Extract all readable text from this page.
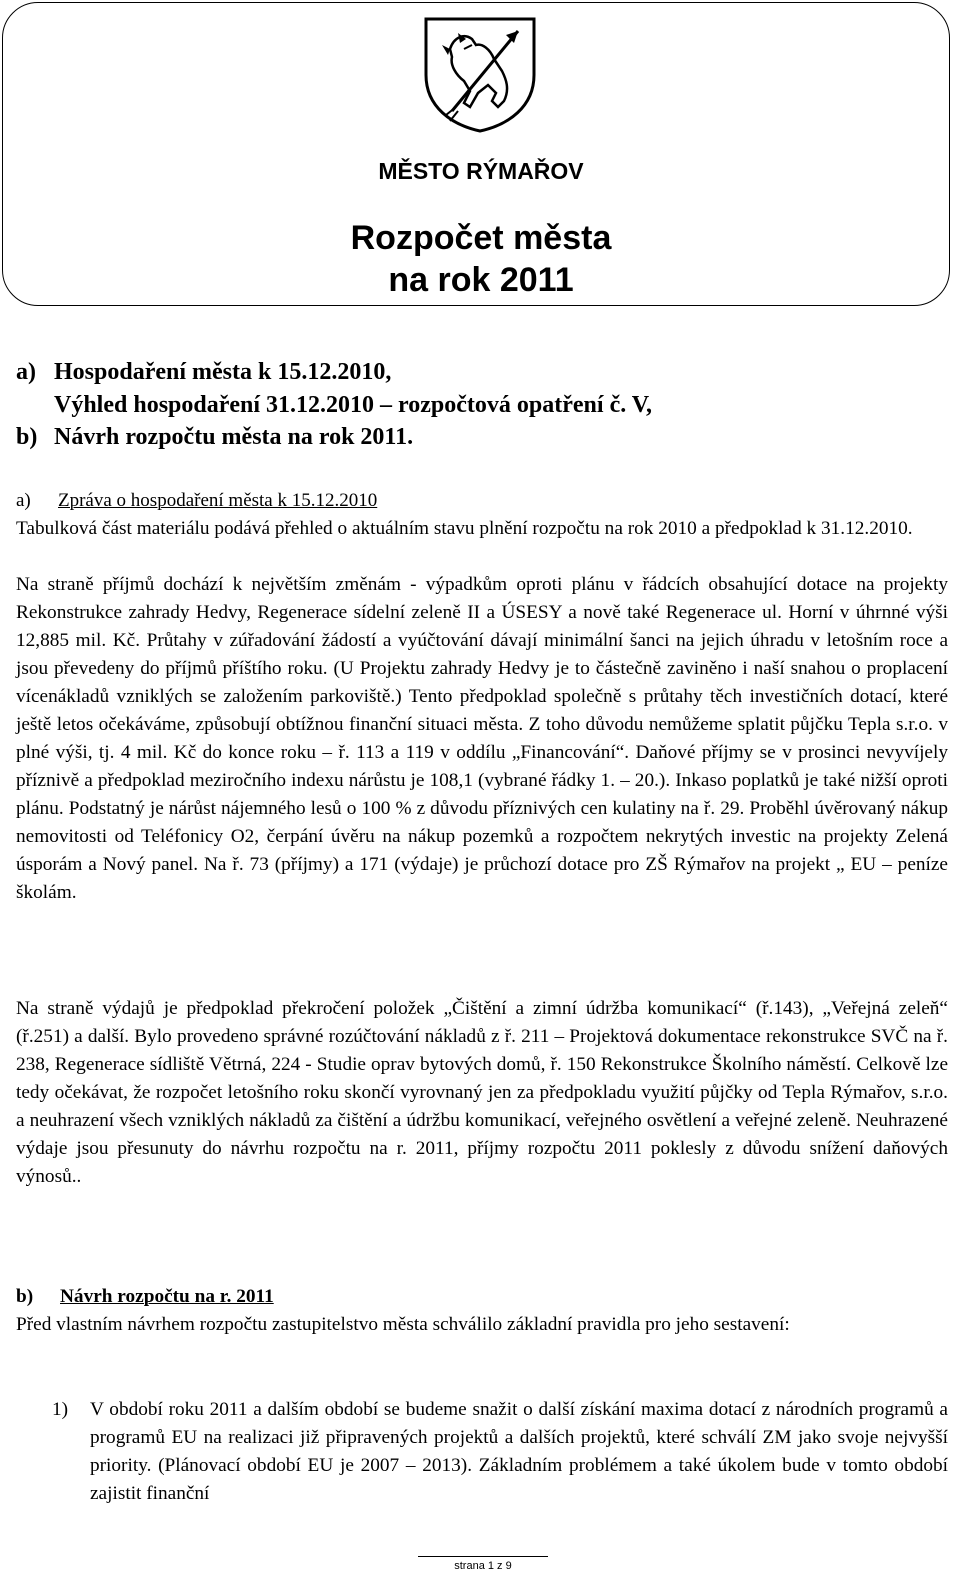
MĚSTO RÝMAŘOV
Rozpočet města
na rok 2011
a) Hospodaření města k 15.12.2010,
Výhled hospodaření 31.12.2010 – rozpočtová opatření č. V,
b) Návrh rozpočtu města na rok 2011.
a) Zpráva o hospodaření města k 15.12.2010

Tabulková část materiálu podává přehled o aktuálním stavu plnění rozpočtu na rok 2010 a předpoklad k 31.12.2010.

Na straně příjmů dochází k největším změnám - výpadkům oproti plánu v řádcích obsahující dotace na projekty Rekonstrukce zahrady Hedvy, Regenerace sídelní zeleně II a ÚSESY a nově také Regenerace ul. Horní v úhrnné výši 12,885 mil. Kč. Průtahy v zúřadování žádostí a vyúčtování dávají minimální šanci na jejich úhradu v letošním roce a jsou převedeny do příjmů příštího roku. (U Projektu zahrady Hedvy je to částečně zaviněno i naší snahou o proplacení vícenákladů vzniklých se založením parkoviště.) Tento předpoklad společně s průtahy těch investičních dotací, které ještě letos očekáváme, způsobují obtížnou finanční situaci města. Z toho důvodu nemůžeme splatit půjčku Tepla s.r.o. v plné výši, tj. 4 mil. Kč do konce roku – ř. 113 a 119 v oddílu „Financování“. Daňové příjmy se v prosinci nevyvíjely příznivě a předpoklad meziročního indexu nárůstu je 108,1 (vybrané řádky 1. – 20.). Inkaso poplatků je také nižší oproti plánu. Podstatný je nárůst nájemného lesů o 100 % z důvodu příznivých cen kulatiny na ř. 29. Proběhl úvěrovaný nákup nemovitosti od Teléfonicy O2, čerpání úvěru na nákup pozemků a rozpočtem nekrytých investic na projekty Zelená úsporám a Nový panel. Na ř. 73 (příjmy) a 171 (výdaje) je průchozí dotace pro ZŠ Rýmařov na projekt „ EU – peníze školám.

Na straně výdajů je předpoklad překročení položek „Čištění a zimní údržba komunikací“ (ř.143), „Veřejná zeleň“ (ř.251) a další. Bylo provedeno správné rozúčtování nákladů z ř. 211 – Projektová dokumentace rekonstrukce SVČ na ř. 238, Regenerace sídliště Větrná, 224 - Studie oprav bytových domů, ř. 150 Rekonstrukce Školního náměstí. Celkově lze tedy očekávat, že rozpočet letošního roku skončí vyrovnaný jen za předpokladu využití půjčky od Tepla Rýmařov, s.r.o. a neuhrazení všech vzniklých nákladů za čištění a údržbu komunikací, veřejného osvětlení a veřejné zeleně. Neuhrazené výdaje jsou přesunuty do návrhu rozpočtu na r. 2011, příjmy rozpočtu 2011 poklesly z důvodu snížení daňových výnosů..

b) Návrh rozpočtu na r. 2011

Před vlastním návrhem rozpočtu zastupitelstvo města schválilo základní pravidla pro jeho sestavení:

1) V období roku 2011 a dalším období se budeme snažit o další získání maxima dotací z národních programů a programů EU na realizaci již připravených projektů a dalších projektů, které schválí ZM jako svoje nejvyšší priority. (Plánovací období EU je 2007 – 2013). Základním problémem a také úkolem bude v tomto období zajistit finanční

strana 1 z 9
